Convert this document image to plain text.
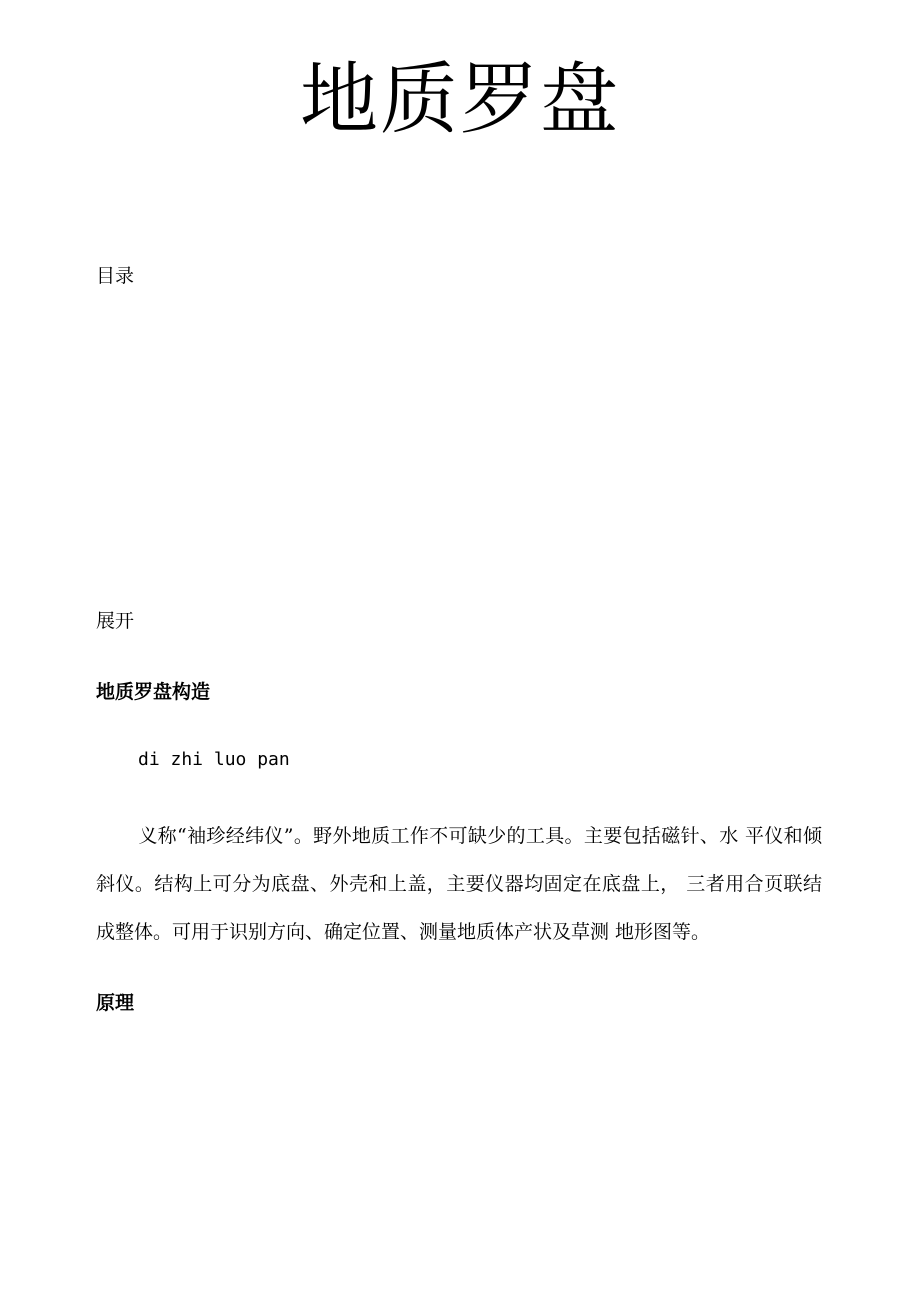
地质罗盘

目录

展开

地质罗盘构造

di zhi luo pan

义称“袖珍经纬仪”。野外地质工作不可缺少的工具。主要包括磁针、水 平仪和倾斜仪。结构上可分为底盘、外壳和上盖，主要仪器均固定在底盘上， 三者用合页联结成整体。可用于识别方向、确定位置、测量地质体产状及草测 地形图等。

原理
